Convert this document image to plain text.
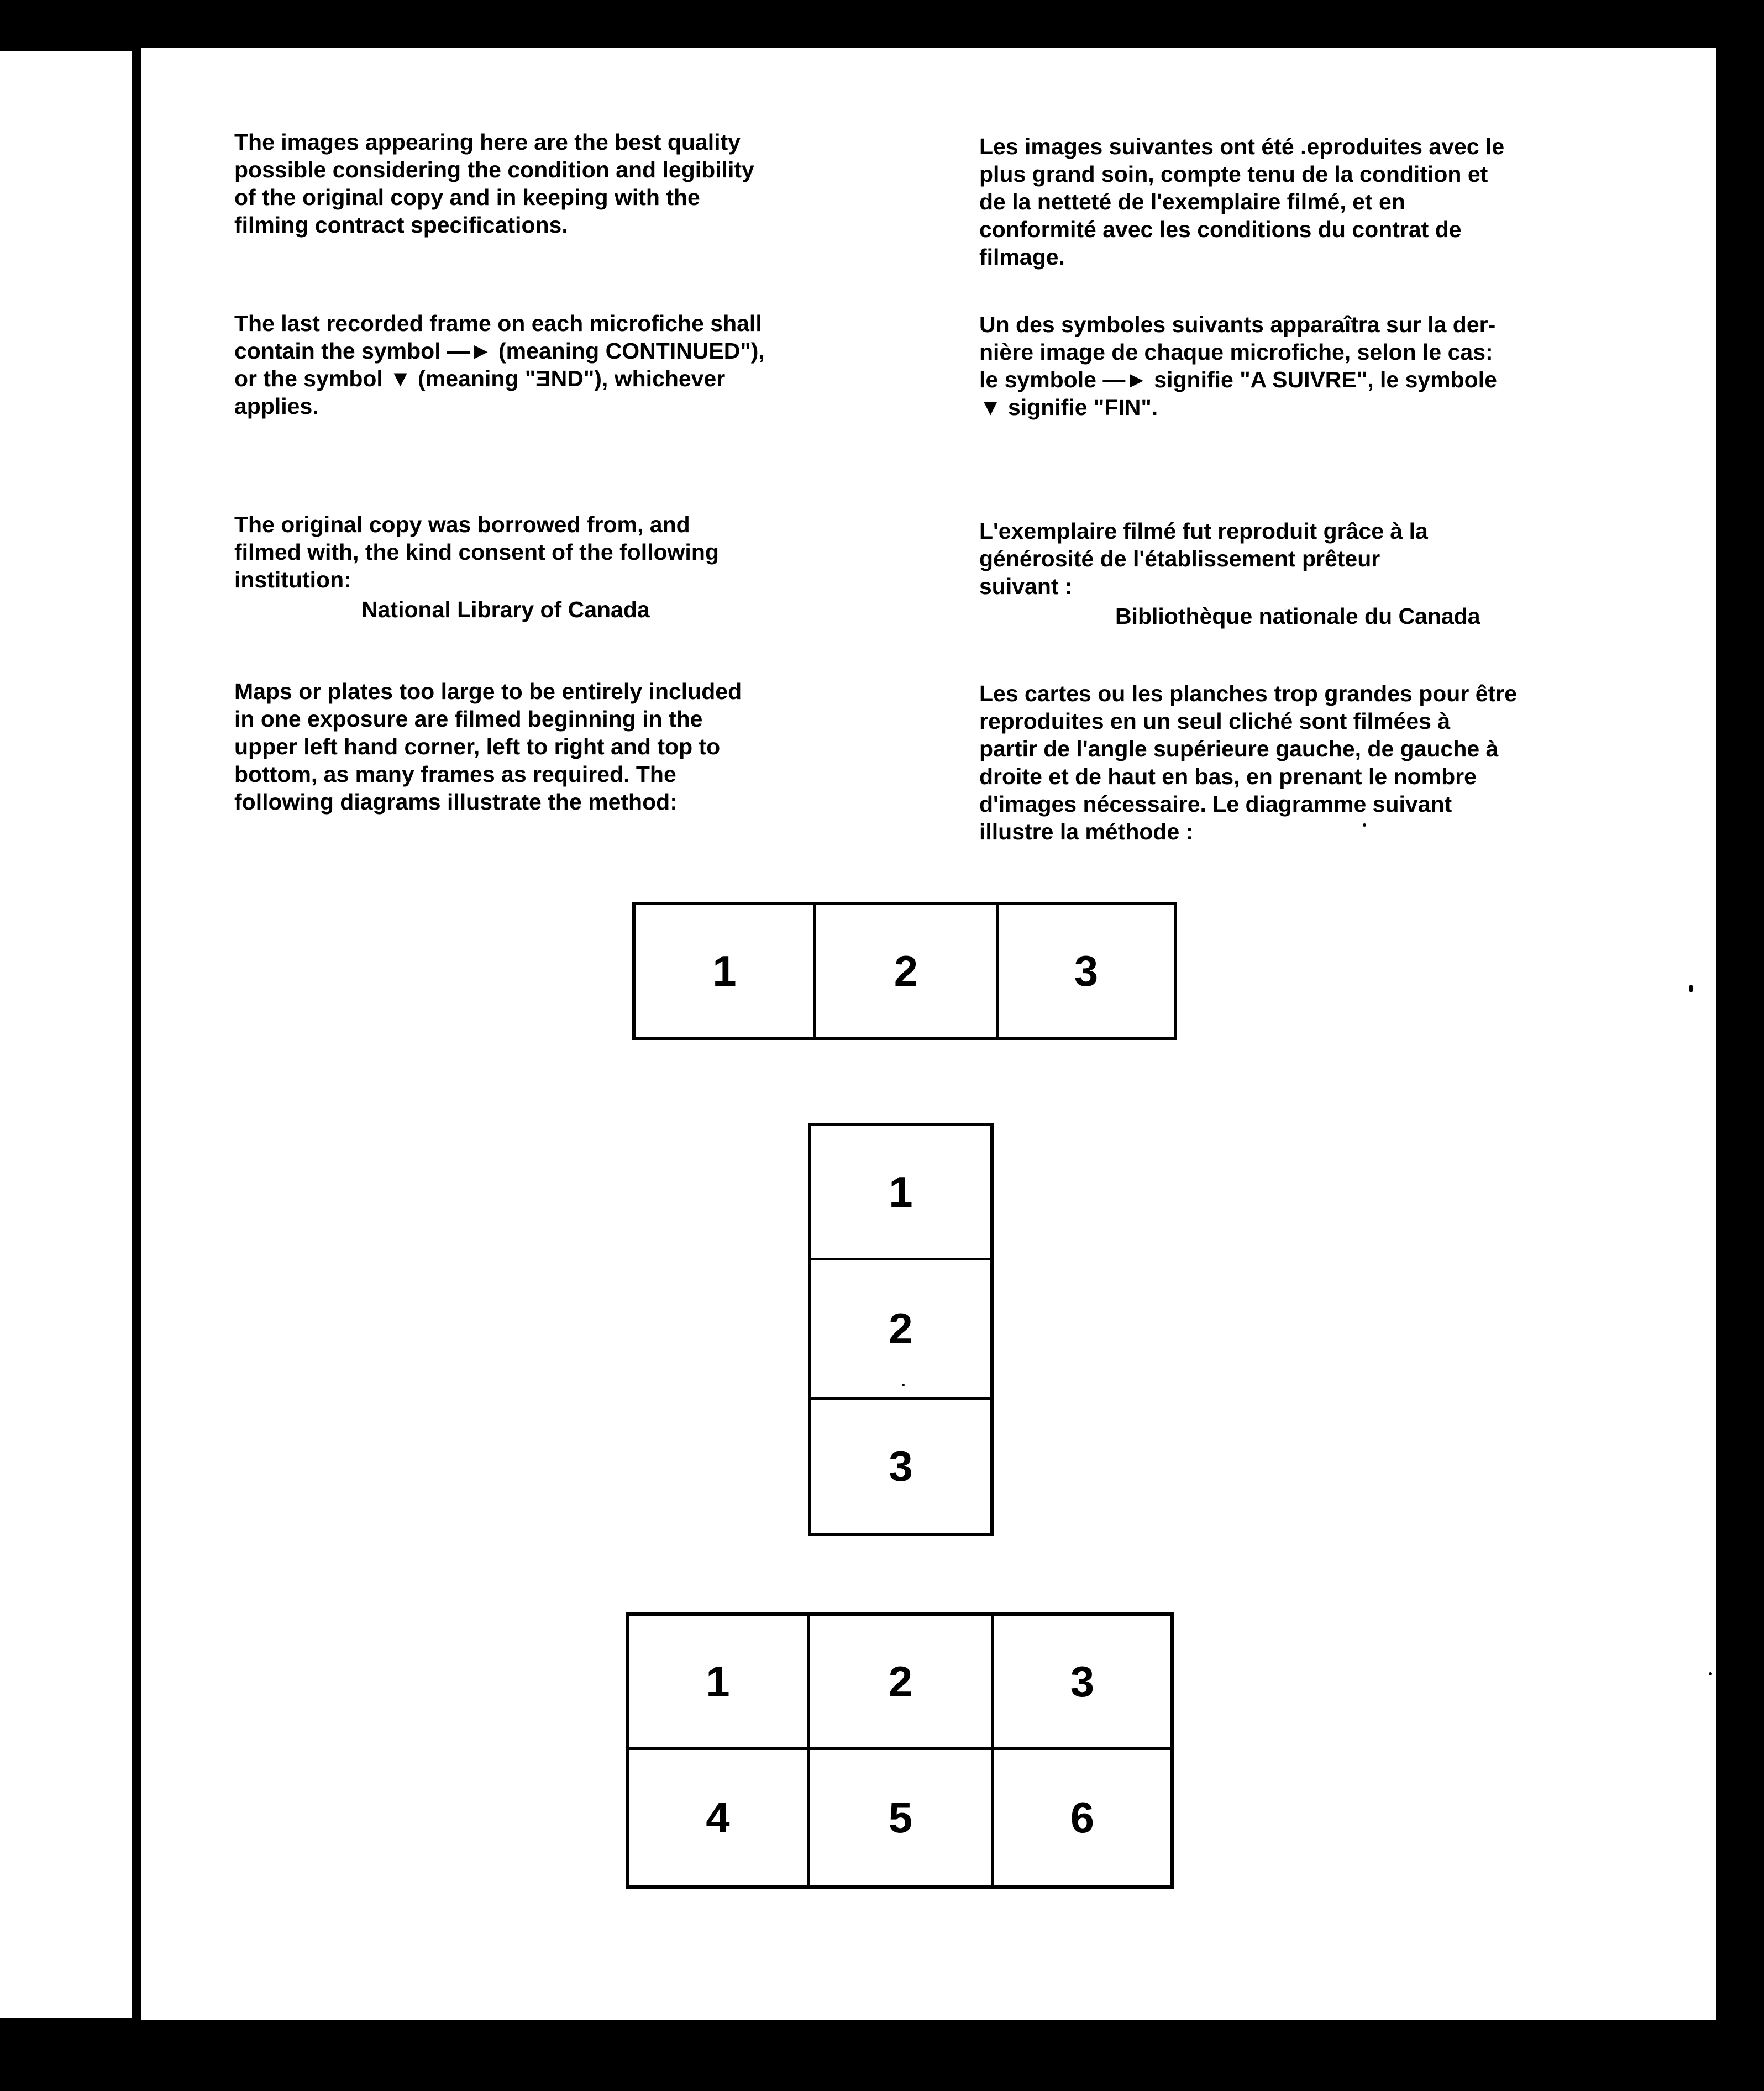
The images appearing here are the best quality
possible considering the condition and legibility
of the original copy and in keeping with the
filming contract specifications.
The last recorded frame on each microfiche shall
contain the symbol —► (meaning CONTINUED"),
or the symbol ▼ (meaning "ƎND"), whichever
applies.
The original copy was borrowed from, and
filmed with, the kind consent of the following
institution:
National Library of Canada
Maps or plates too large to be entirely included
in one exposure are filmed beginning in the
upper left hand corner, left to right and top to
bottom, as many frames as required. The
following diagrams illustrate the method:
Les images suivantes ont été .eproduites avec le
plus grand soin, compte tenu de la condition et
de la netteté de l'exemplaire filmé, et en
conformité avec les conditions du contrat de
filmage.
Un des symboles suivants apparaîtra sur la der-
nière image de chaque microfiche, selon le cas:
le symbole —► signifie "A SUIVRE", le symbole
▼ signifie "FIN".
L'exemplaire filmé fut reproduit grâce à la
générosité de l'établissement prêteur
suivant :
Bibliothèque nationale du Canada
Les cartes ou les planches trop grandes pour être
reproduites en un seul cliché sont filmées à
partir de l'angle supérieure gauche, de gauche à
droite et de haut en bas, en prenant le nombre
d'images nécessaire. Le diagramme suivant
illustre la méthode :
1	2	3
1
2
3
1	2	3
4	5	6
